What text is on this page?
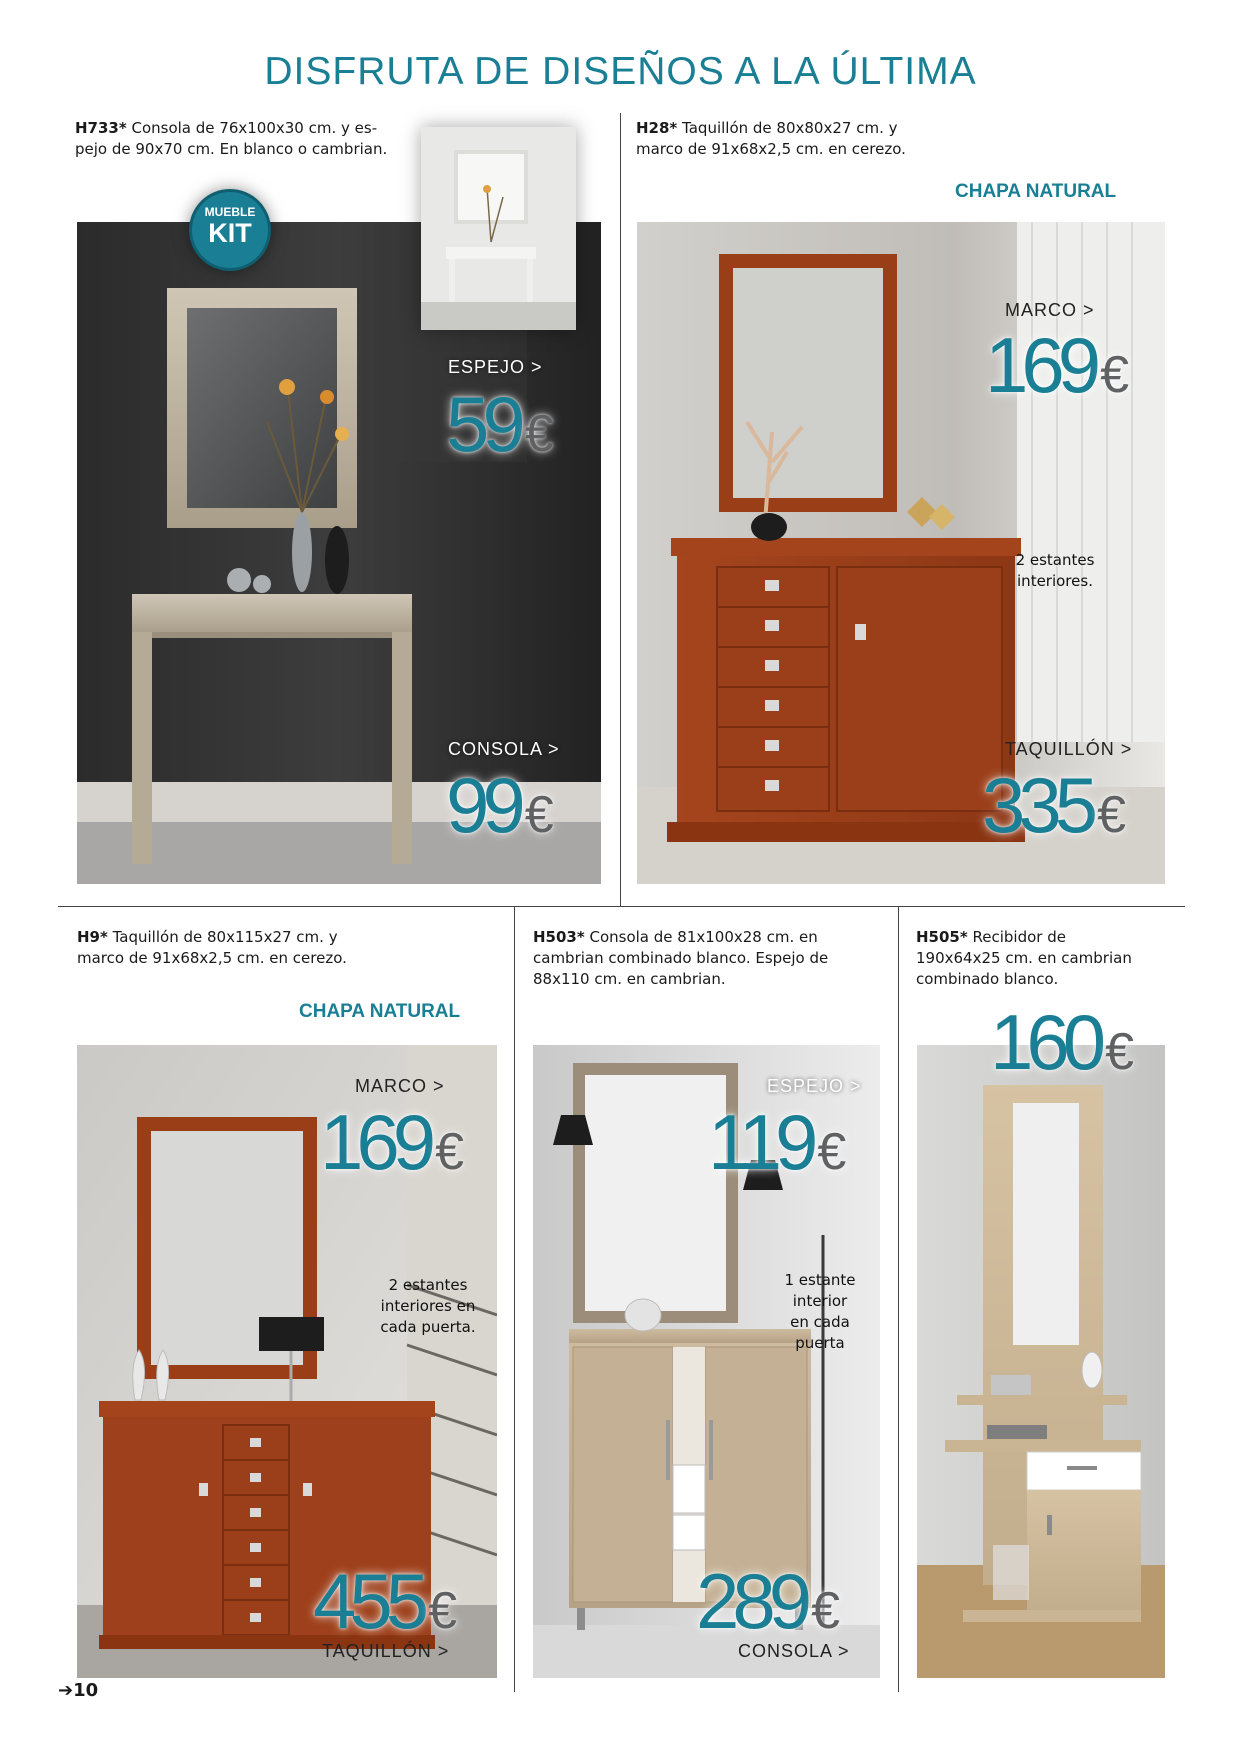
DISFRUTA DE DISEÑOS A LA ÚLTIMA
H733* Consola de 76x100x30 cm. y es-
pejo de 90x70 cm. En blanco o cambrian.
MUEBLE
KIT
ESPEJO >
59 €
CONSOLA >
99 €
H28* Taquillón de 80x80x27 cm. y
marco de 91x68x2,5 cm. en cerezo.
CHAPA NATURAL
MARCO >
169 €
2 estantes
interiores.
TAQUILLÓN >
335 €
H9* Taquillón de 80x115x27 cm. y
marco de 91x68x2,5 cm. en cerezo.
CHAPA NATURAL
MARCO >
169 €
2 estantes
interiores en
cada puerta.
455 €
TAQUILLÓN >
H503* Consola de 81x100x28 cm. en
cambrian combinado blanco. Espejo de
88x110 cm. en cambrian.
ESPEJO >
119 €
1 estante
interior
en cada
puerta
289 €
CONSOLA >
H505* Recibidor de
190x64x25 cm. en cambrian
combinado blanco.
160 €
➔10
